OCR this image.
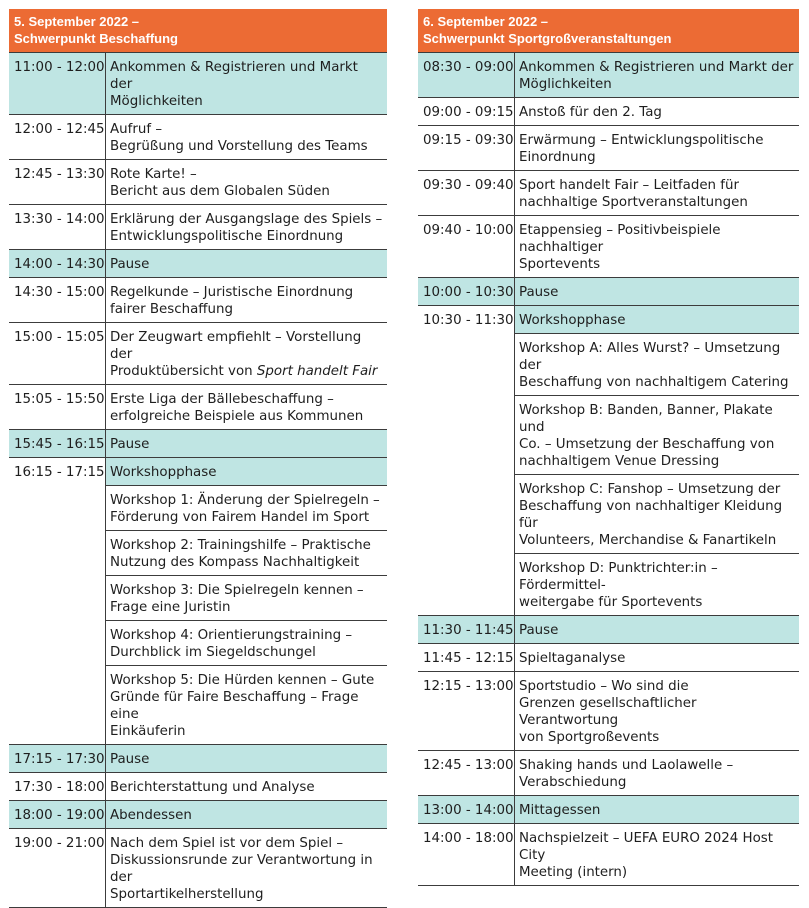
5. September 2022 –
Schwerpunkt Beschaffung
11:00 - 12:00 Ankommen & Registrieren und Markt der
Möglichkeiten
12:00 - 12:45 Aufruf –
Begrüßung und Vorstellung des Teams
12:45 - 13:30 Rote Karte! –
Bericht aus dem Globalen Süden
13:30 - 14:00 Erklärung der Ausgangslage des Spiels –
Entwicklungspolitische Einordnung
14:00 - 14:30 Pause
14:30 - 15:00 Regelkunde – Juristische Einordnung
fairer Beschaffung
15:00 - 15:05 Der Zeugwart empfiehlt – Vorstellung der
Produktübersicht von Sport handelt Fair
15:05 - 15:50 Erste Liga der Bällebeschaffung –
erfolgreiche Beispiele aus Kommunen
15:45 - 16:15 Pause
16:15 - 17:15 Workshopphase
Workshop 1: Änderung der Spielregeln –
Förderung von Fairem Handel im Sport
Workshop 2: Trainingshilfe – Praktische
Nutzung des Kompass Nachhaltigkeit
Workshop 3: Die Spielregeln kennen –
Frage eine Juristin
Workshop 4: Orientierungstraining –
Durchblick im Siegeldschungel
Workshop 5: Die Hürden kennen – Gute
Gründe für Faire Beschaffung – Frage eine
Einkäuferin
17:15 - 17:30 Pause
17:30 - 18:00 Berichterstattung und Analyse
18:00 - 19:00 Abendessen
19:00 - 21:00 Nach dem Spiel ist vor dem Spiel –
Diskussionsrunde zur Verantwortung in der
Sportartikelherstellung
6. September 2022 –
Schwerpunkt Sportgroßveranstaltungen
08:30 - 09:00 Ankommen & Registrieren und Markt der
Möglichkeiten
09:00 - 09:15 Anstoß für den 2. Tag
09:15 - 09:30 Erwärmung – Entwicklungspolitische
Einordnung
09:30 - 09:40 Sport handelt Fair – Leitfaden für
nachhaltige Sportveranstaltungen
09:40 - 10:00 Etappensieg – Positivbeispiele nachhaltiger
Sportevents
10:00 - 10:30 Pause
10:30 - 11:30 Workshopphase
Workshop A: Alles Wurst? – Umsetzung der
Beschaffung von nachhaltigem Catering
Workshop B: Banden, Banner, Plakate und
Co. – Umsetzung der Beschaffung von
nachhaltigem Venue Dressing
Workshop C: Fanshop – Umsetzung der
Beschaffung von nachhaltiger Kleidung für
Volunteers, Merchandise & Fanartikeln
Workshop D: Punktrichter:in – Fördermittel-
weitergabe für Sportevents
11:30 - 11:45 Pause
11:45 - 12:15 Spieltaganalyse
12:15 - 13:00 Sportstudio – Wo sind die
Grenzen gesellschaftlicher Verantwortung
von Sportgroßevents
12:45 - 13:00 Shaking hands und Laolawelle –
Verabschiedung
13:00 - 14:00 Mittagessen
14:00 - 18:00 Nachspielzeit – UEFA EURO 2024 Host City
Meeting (intern)
